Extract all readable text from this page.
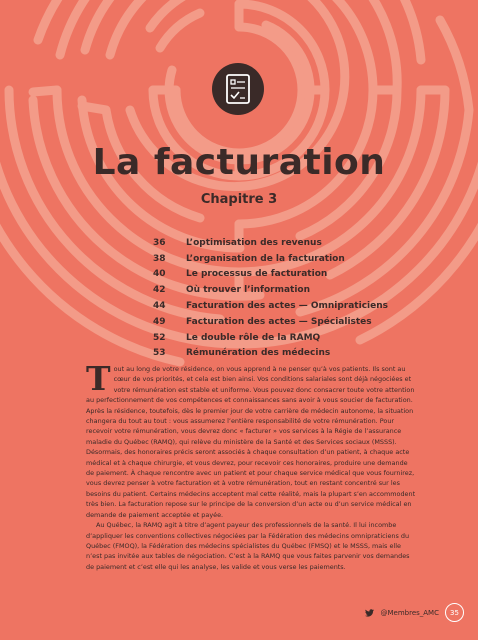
La facturation
Chapitre 3
36	L’optimisation des revenus
38	L’organisation de la facturation
40	Le processus de facturation
42	Où trouver l’information
44	Facturation des actes — Omnipraticiens
49	Facturation des actes — Spécialistes
52	Le double rôle de la RAMQ
53	Rémunération des médecins

Tout au long de votre résidence, on vous apprend à ne penser qu’à vos patients. Ils sont au cœur de vos priorités, et cela est bien ainsi. Vos conditions salariales sont déjà négociées et votre rémunération est stable et uniforme. Vous pouvez donc consacrer toute votre attention au perfectionnement de vos compétences et connaissances sans avoir à vous soucier de facturation. Après la résidence, toutefois, dès le premier jour de votre carrière de médecin autonome, la situation changera du tout au tout : vous assumerez l’entière responsabilité de votre rémunération. Pour recevoir votre rémunération, vous devrez donc « facturer » vos services à la Régie de l’assurance maladie du Québec (RAMQ), qui relève du ministère de la Santé et des Services sociaux (MSSS). Désormais, des honoraires précis seront associés à chaque consultation d’un patient, à chaque acte médical et à chaque chirurgie, et vous devrez, pour recevoir ces honoraires, produire une demande de paiement. À chaque rencontre avec un patient et pour chaque service médical que vous fournirez, vous devrez penser à votre facturation et à votre rémunération, tout en restant concentré sur les besoins du patient. Certains médecins acceptent mal cette réalité, mais la plupart s’en accommodent très bien. La facturation repose sur le principe de la conversion d’un acte ou d’un service médical en demande de paiement acceptée et payée.

Au Québec, la RAMQ agit à titre d’agent payeur des professionnels de la santé. Il lui incombe d’appliquer les conventions collectives négociées par la Fédération des médecins omnipraticiens du Québec (FMOQ), la Fédération des médecins spécialistes du Québec (FMSQ) et le MSSS, mais elle n’est pas invitée aux tables de négociation. C’est à la RAMQ que vous faites parvenir vos demandes de paiement et c’est elle qui les analyse, les valide et vous verse les paiements.

@Membres_AMC	35
